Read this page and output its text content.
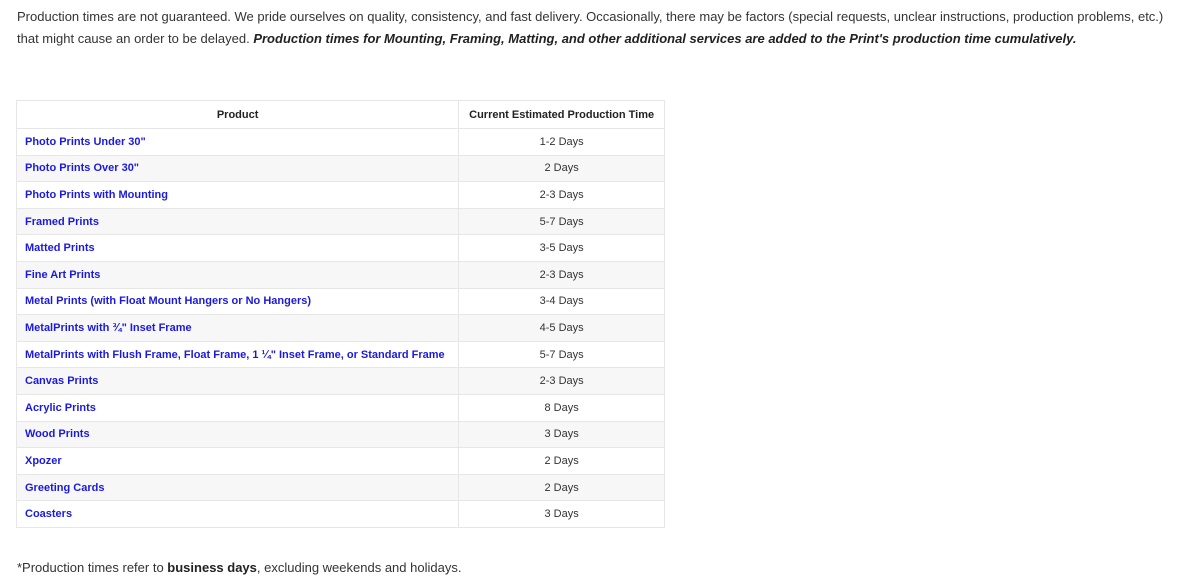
Production times are not guaranteed. We pride ourselves on quality, consistency, and fast delivery. Occasionally, there may be factors (special requests, unclear instructions, production problems, etc.) that might cause an order to be delayed. Production times for Mounting, Framing, Matting, and other additional services are added to the Print's production time cumulatively.

Product	Current Estimated Production Time
Photo Prints Under 30"	1-2 Days
Photo Prints Over 30"	2 Days
Photo Prints with Mounting	2-3 Days
Framed Prints	5-7 Days
Matted Prints	3-5 Days
Fine Art Prints	2-3 Days
Metal Prints (with Float Mount Hangers or No Hangers)	3-4 Days
MetalPrints with ¾" Inset Frame	4-5 Days
MetalPrints with Flush Frame, Float Frame, 1 ¼" Inset Frame, or Standard Frame	5-7 Days
Canvas Prints	2-3 Days
Acrylic Prints	8 Days
Wood Prints	3 Days
Xpozer	2 Days
Greeting Cards	2 Days
Coasters	3 Days

*Production times refer to business days, excluding weekends and holidays.
